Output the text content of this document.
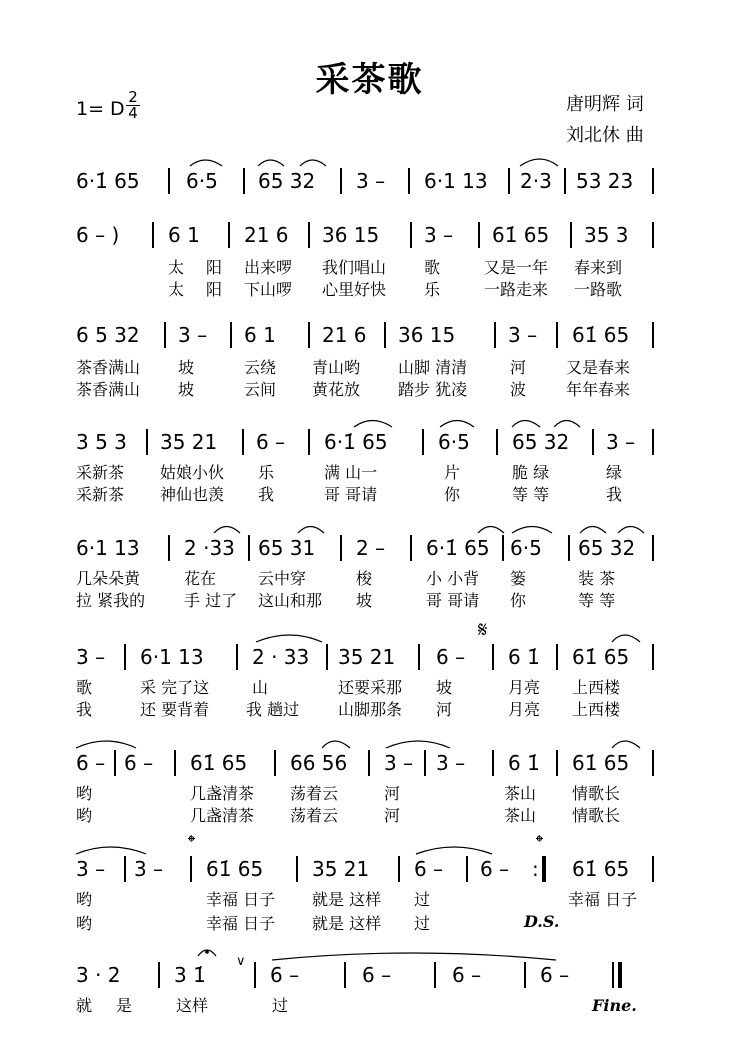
采茶歌
1= D
2
4	唐明辉 词
刘北休 曲
6·1̇ 65 6·5 65 32 3 – 6·1 13 2·3 53 23
6 – ) 6 1 21 6 36 15 3 – 61̇ 65 35 3
太 阳 出来啰 我们唱山 歌	又是一年 春来到
太 阳 下山啰 心里好快 乐	一路走来 一路歌
6 5 32 3 – 6 1 21 6 36 15	3 – 61̇ 65
茶香满山 坡	云绕 青山哟 山脚 清清	河 又是春来
茶香满山 坡	云间 黄花放 踏步 犹凌	波 年年春来
3 5 3 35 21 6 – 6·1̇ 65	6·5 65 32 3 –
采新茶 姑娘小伙 乐	满 山一	片	脆 绿	绿
采新茶 神仙也羡 我	哥 哥请	你	等 等	我
6·1 13 2 ·33 65 31 2 – 6·1̇ 65 6·5 65 32
几朵朵黄	花在	云中穿	梭	小 小背 篓	装 茶
拉 紧我的 手 过了 这山和那 坡	哥 哥请 你	等 等
3 – 6·1 13 2 · 33 35 21 6 – 6 1̇ 61̇ 65
歌	采 完了这	山	还要采那 坡	月亮 上西楼
我	还 要背着 我 趟过 山脚那条 河	月亮 上西楼
6 – 6 – 61̇ 65 66 56 3 – 3 – 6 1̇ 61̇ 65
哟	几盏清茶 荡着云	河	茶山 情歌长
哟	几盏清茶 荡着云	河	茶山 情歌长
3 – 3 – 61̇ 65 35 21 6 – 6 –	61̇ 65
:
哟	幸福 日子 就是 这样 过	幸福 日子
哟	幸福 日子 就是 这样 过	D.S.
3 · 2	3 1̇	6 –	6 –	6 –	6 –
就 是	这样	过	Fine.
𝄋
𝄌	𝄌
∨
